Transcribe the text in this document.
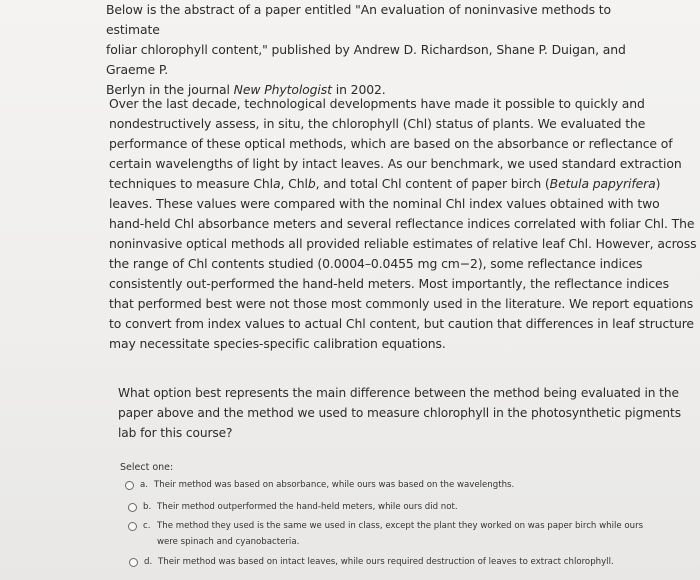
Below is the abstract of a paper entitled "An evaluation of noninvasive methods to estimate
foliar chlorophyll content," published by Andrew D. Richardson, Shane P. Duigan, and Graeme P.
Berlyn in the journal New Phytologist in 2002.
Over the last decade, technological developments have made it possible to quickly and
nondestructively assess, in situ, the chlorophyll (Chl) status of plants. We evaluated the
performance of these optical methods, which are based on the absorbance or reflectance of
certain wavelengths of light by intact leaves. As our benchmark, we used standard extraction
techniques to measure Chla, Chlb, and total Chl content of paper birch (Betula papyrifera)
leaves. These values were compared with the nominal Chl index values obtained with two
hand-held Chl absorbance meters and several reflectance indices correlated with foliar Chl. The
noninvasive optical methods all provided reliable estimates of relative leaf Chl. However, across
the range of Chl contents studied (0.0004–0.0455 mg cm−2), some reflectance indices
consistently out-performed the hand-held meters. Most importantly, the reflectance indices
that performed best were not those most commonly used in the literature. We report equations
to convert from index values to actual Chl content, but caution that differences in leaf structure
may necessitate species-specific calibration equations.
What option best represents the main difference between the method being evaluated in the
paper above and the method we used to measure chlorophyll in the photosynthetic pigments
lab for this course?
Select one:
a. Their method was based on absorbance, while ours was based on the wavelengths.
b. Their method outperformed the hand-held meters, while ours did not.
c. The method they used is the same we used in class, except the plant they worked on was paper birch while ours
were spinach and cyanobacteria.
d. Their method was based on intact leaves, while ours required destruction of leaves to extract chlorophyll.
